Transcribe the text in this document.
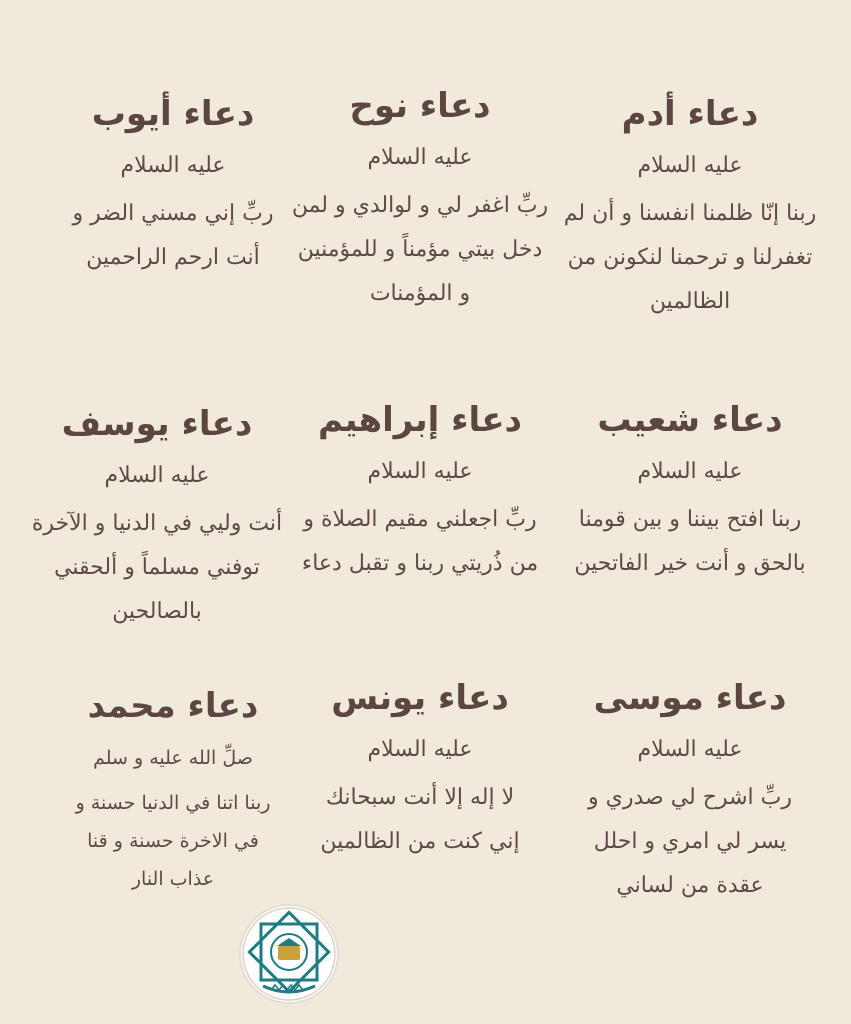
دعاء أدم
عليه السلام
ربنا إنّا ظلمنا انفسنا و أن لم
تغفرلنا و ترحمنا لنكونن من
الظالمين
دعاء نوح
عليه السلام
ربِّ اغفر لي و لوالدي و لمن
دخل بيتي مؤمناً و للمؤمنين
و المؤمنات
دعاء أيوب
عليه السلام
ربِّ إني مسني الضر و
أنت ارحم الراحمين
دعاء شعيب
عليه السلام
ربنا افتح بيننا و بين قومنا
بالحق و أنت خير الفاتحين
دعاء إبراهيم
عليه السلام
ربِّ اجعلني مقيم الصلاة و
من ذُريتي ربنا و تقبل دعاء
دعاء يوسف
عليه السلام
أنت وليي في الدنيا و الآخرة
توفني مسلماً و ألحقني
بالصالحين
دعاء موسى
عليه السلام
ربِّ اشرح لي صدري و
يسر لي امري و احلل
عقدة من لساني
دعاء يونس
عليه السلام
لا إله إلا أنت سبحانك
إني كنت من الظالمين
دعاء محمد
صلِّ الله عليه و سلم
ربنا اتنا في الدنيا حسنة و
في الاخرة حسنة و قنا
عذاب النار
